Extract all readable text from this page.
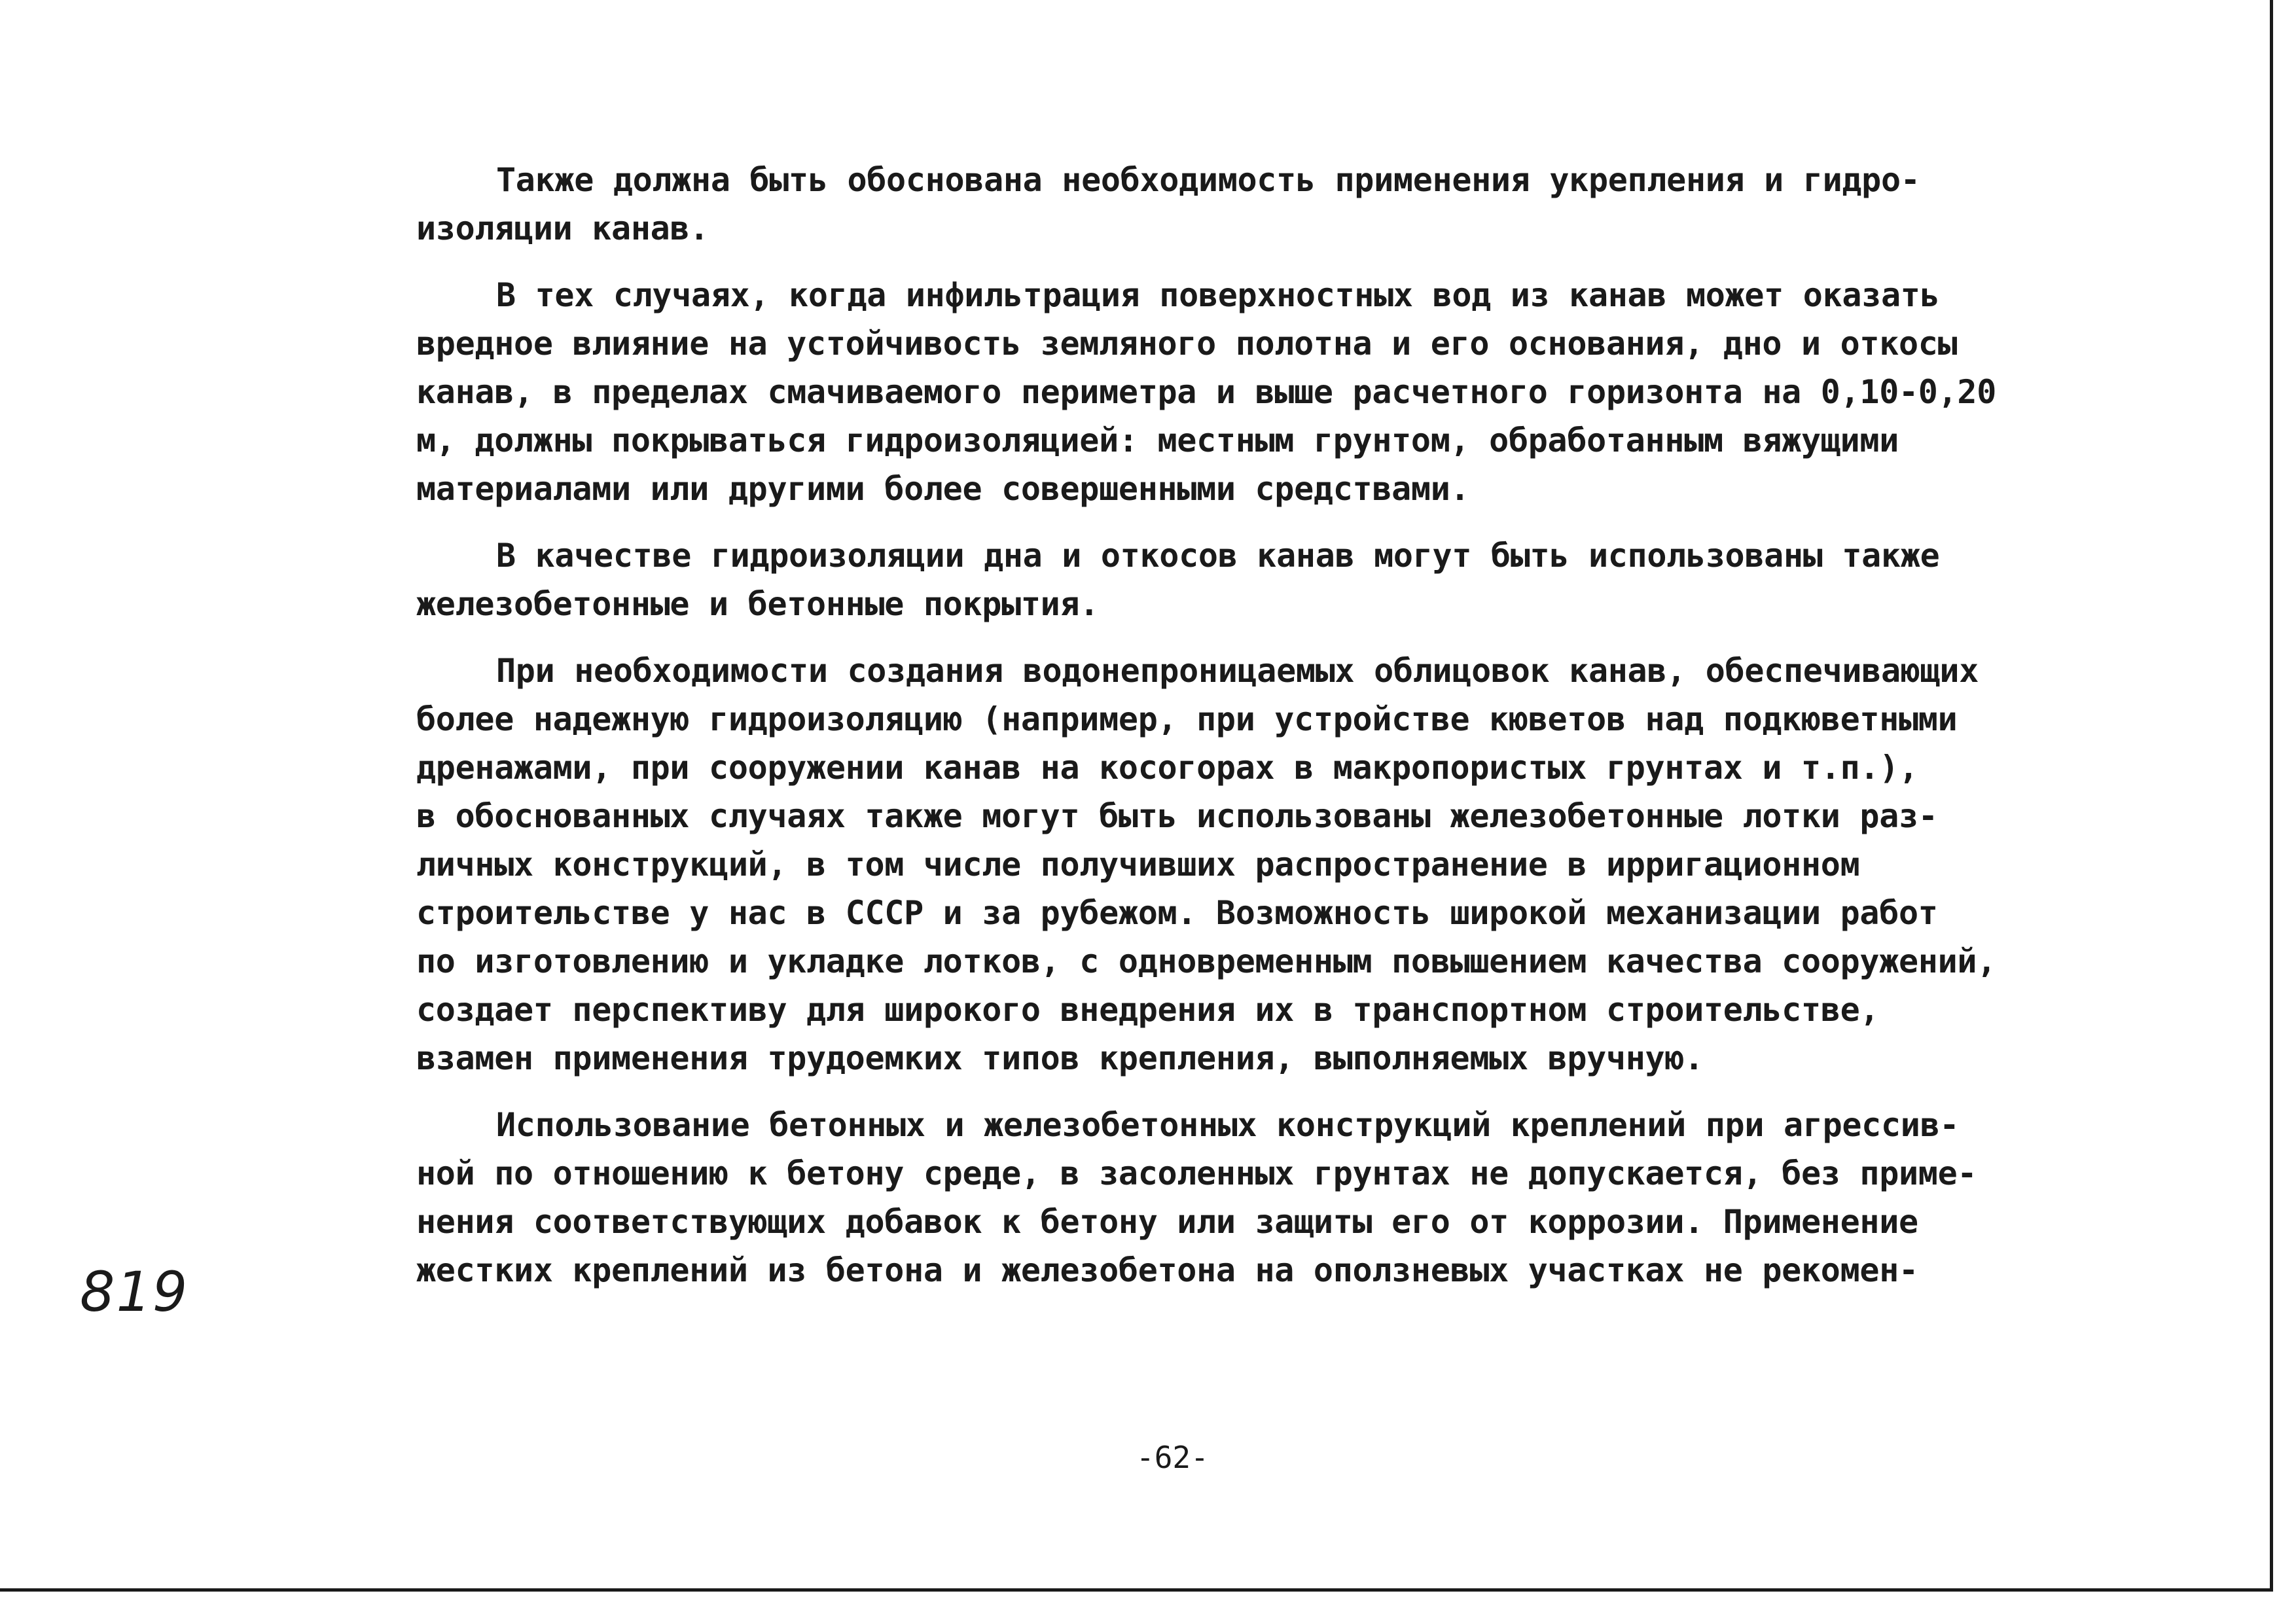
819
Также должна быть обоснована необходимость применения укрепления и гидро-
изоляции канав.
В тех случаях, когда инфильтрация поверхностных вод из канав может оказать
вредное влияние на устойчивость земляного полотна и его основания, дно и откосы
канав, в пределах смачиваемого периметра и выше расчетного горизонта на 0,10-0,20
м, должны покрываться гидроизоляцией: местным грунтом, обработанным вяжущими
материалами или другими более совершенными средствами.
В качестве гидроизоляции дна и откосов канав могут быть использованы также
железобетонные и бетонные покрытия.
При необходимости создания водонепроницаемых облицовок канав, обеспечивающих
более надежную гидроизоляцию (например, при устройстве кюветов над подкюветными
дренажами, при сооружении канав на косогорах в макропористых грунтах и т.п.),
в обоснованных случаях также могут быть использованы железобетонные лотки раз-
личных конструкций, в том числе получивших распространение в ирригационном
строительстве у нас в СССР и за рубежом. Возможность широкой механизации работ
по изготовлению и укладке лотков, с одновременным повышением качества сооружений,
создает перспективу для широкого внедрения их в транспортном строительстве,
взамен применения трудоемких типов крепления, выполняемых вручную.
Использование бетонных и железобетонных конструкций креплений при агрессив-
ной по отношению к бетону среде, в засоленных грунтах не допускается, без приме-
нения соответствующих добавок к бетону или защиты его от коррозии. Применение
жестких креплений из бетона и железобетона на оползневых участках не рекомен-
-62-
